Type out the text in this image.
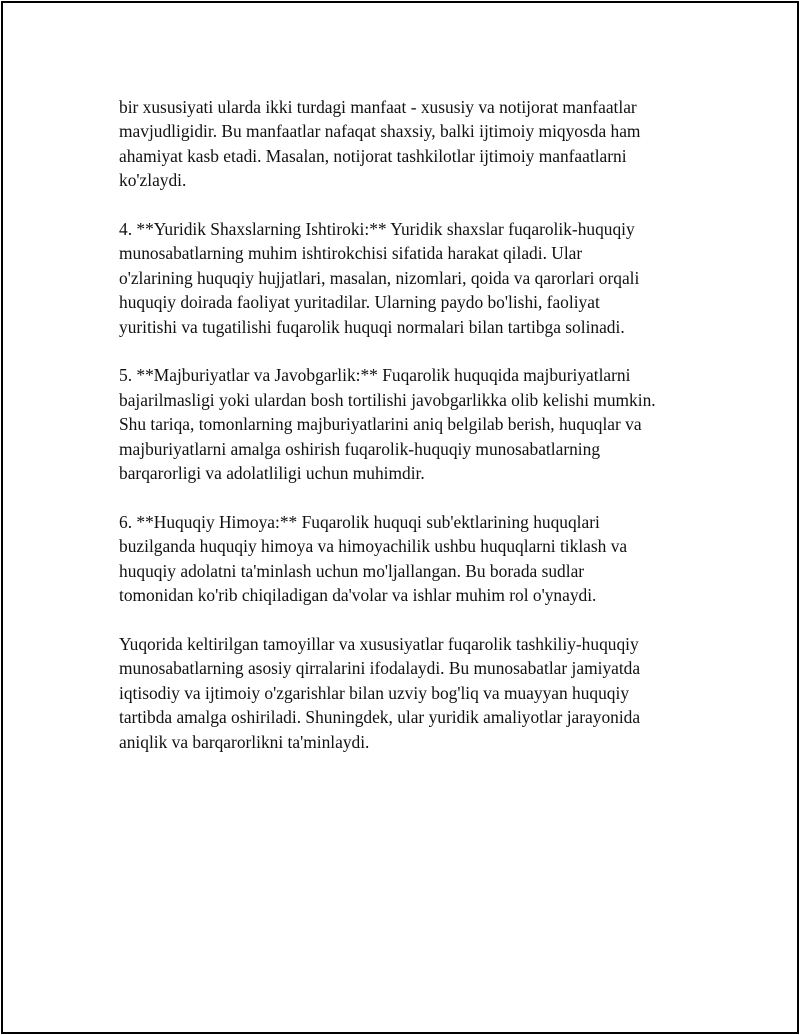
bir xususiyati ularda ikki turdagi manfaat - xususiy va notijorat manfaatlar
mavjudligidir. Bu manfaatlar nafaqat shaxsiy, balki ijtimoiy miqyosda ham
ahamiyat kasb etadi. Masalan, notijorat tashkilotlar ijtimoiy manfaatlarni
ko'zlaydi.

4. **Yuridik Shaxslarning Ishtiroki:** Yuridik shaxslar fuqarolik-huquqiy
munosabatlarning muhim ishtirokchisi sifatida harakat qiladi. Ular
o'zlarining huquqiy hujjatlari, masalan, nizomlari, qoida va qarorlari orqali
huquqiy doirada faoliyat yuritadilar. Ularning paydo bo'lishi, faoliyat
yuritishi va tugatilishi fuqarolik huquqi normalari bilan tartibga solinadi.

5. **Majburiyatlar va Javobgarlik:** Fuqarolik huquqida majburiyatlarni
bajarilmasligi yoki ulardan bosh tortilishi javobgarlikka olib kelishi mumkin.
Shu tariqa, tomonlarning majburiyatlarini aniq belgilab berish, huquqlar va
majburiyatlarni amalga oshirish fuqarolik-huquqiy munosabatlarning
barqarorligi va adolatliligi uchun muhimdir.

6. **Huquqiy Himoya:** Fuqarolik huquqi sub'ektlarining huquqlari
buzilganda huquqiy himoya va himoyachilik ushbu huquqlarni tiklash va
huquqiy adolatni ta'minlash uchun mo'ljallangan. Bu borada sudlar
tomonidan ko'rib chiqiladigan da'volar va ishlar muhim rol o'ynaydi.

Yuqorida keltirilgan tamoyillar va xususiyatlar fuqarolik tashkiliy-huquqiy
munosabatlarning asosiy qirralarini ifodalaydi. Bu munosabatlar jamiyatda
iqtisodiy va ijtimoiy o'zgarishlar bilan uzviy bog'liq va muayyan huquqiy
tartibda amalga oshiriladi. Shuningdek, ular yuridik amaliyotlar jarayonida
aniqlik va barqarorlikni ta'minlaydi.
